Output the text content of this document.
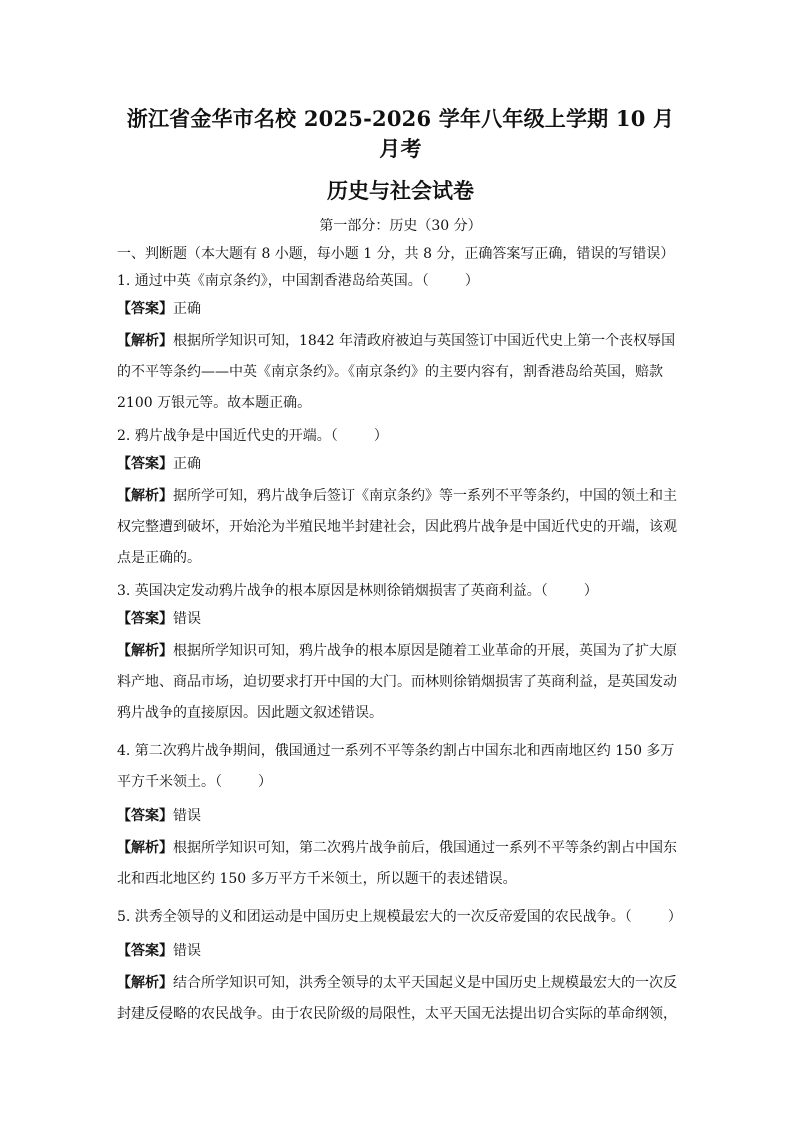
浙江省金华市名校 2025-2026 学年八年级上学期 10 月月考
历史与社会试卷
第一部分：历史（30 分）
一、判断题（本大题有 8 小题，每小题 1 分，共 8 分，正确答案写正确，错误的写错误）
1. 通过中英《南京条约》，中国割香港岛给英国。（	）
【答案】正确
【解析】根据所学知识可知，1842 年清政府被迫与英国签订中国近代史上第一个丧权辱国的不平等条约——中英《南京条约》。《南京条约》的主要内容有，割香港岛给英国，赔款 2100 万银元等。故本题正确。
2. 鸦片战争是中国近代史的开端。（	）
【答案】正确
【解析】据所学可知，鸦片战争后签订《南京条约》等一系列不平等条约，中国的领土和主权完整遭到破坏，开始沦为半殖民地半封建社会，因此鸦片战争是中国近代史的开端，该观点是正确的。
3. 英国决定发动鸦片战争的根本原因是林则徐销烟损害了英商利益。（	）
【答案】错误
【解析】根据所学知识可知，鸦片战争的根本原因是随着工业革命的开展，英国为了扩大原料产地、商品市场，迫切要求打开中国的大门。而林则徐销烟损害了英商利益，是英国发动鸦片战争的直接原因。因此题文叙述错误。
4. 第二次鸦片战争期间，俄国通过一系列不平等条约割占中国东北和西南地区约 150 多万平方千米领土。（	）
【答案】错误
【解析】根据所学知识可知，第二次鸦片战争前后，俄国通过一系列不平等条约割占中国东北和西北地区约 150 多万平方千米领土，所以题干的表述错误。
5. 洪秀全领导的义和团运动是中国历史上规模最宏大的一次反帝爱国的农民战争。（	）
【答案】错误
【解析】结合所学知识可知，洪秀全领导的太平天国起义是中国历史上规模最宏大的一次反封建反侵略的农民战争。由于农民阶级的局限性，太平天国无法提出切合实际的革命纲领，
